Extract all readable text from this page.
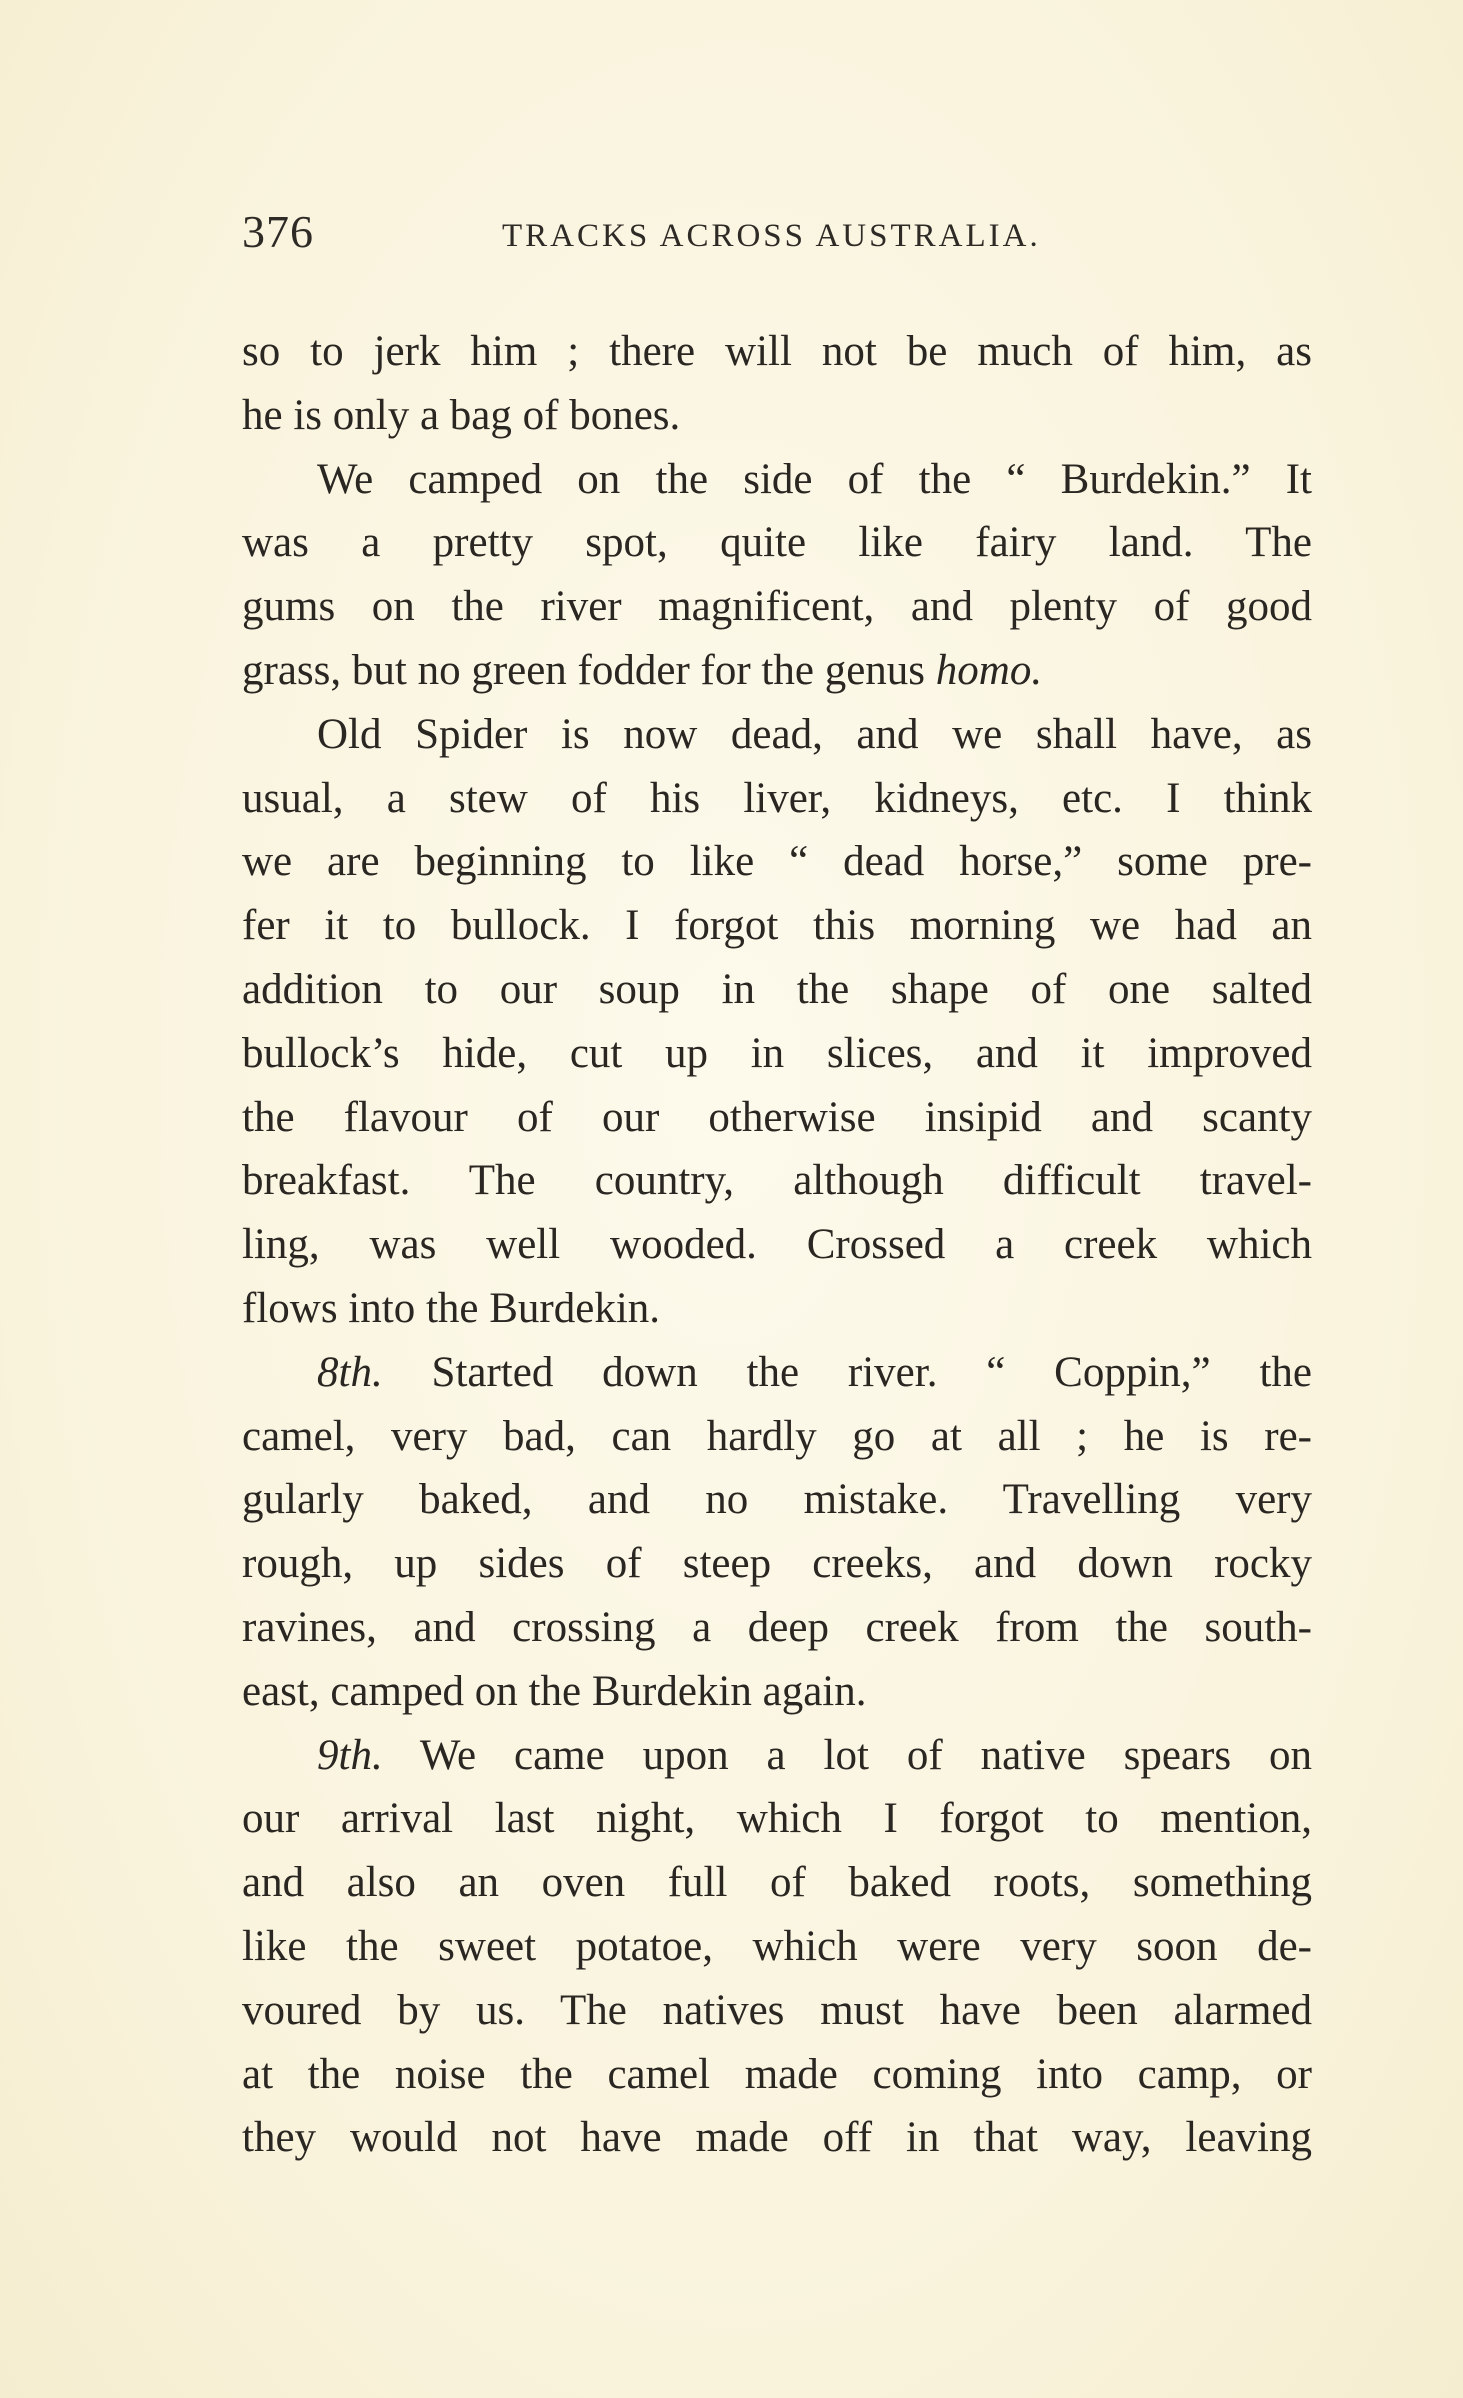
376	TRACKS ACROSS AUSTRALIA.
so to jerk him ; there will not be much of him, as
he is only a bag of bones.
We camped on the side of the “ Burdekin.” It
was a pretty spot, quite like fairy land. The
gums on the river magnificent, and plenty of good
grass, but no green fodder for the genus homo.
Old Spider is now dead, and we shall have, as
usual, a stew of his liver, kidneys, etc. I think
we are beginning to like “ dead horse,” some pre-
fer it to bullock. I forgot this morning we had an
addition to our soup in the shape of one salted
bullock’s hide, cut up in slices, and it improved
the flavour of our otherwise insipid and scanty
breakfast. The country, although difficult travel-
ling, was well wooded. Crossed a creek which
flows into the Burdekin.
8th. Started down the river. “ Coppin,” the
camel, very bad, can hardly go at all ; he is re-
gularly baked, and no mistake. Travelling very
rough, up sides of steep creeks, and down rocky
ravines, and crossing a deep creek from the south-
east, camped on the Burdekin again.
9th. We came upon a lot of native spears on
our arrival last night, which I forgot to mention,
and also an oven full of baked roots, something
like the sweet potatoe, which were very soon de-
voured by us. The natives must have been alarmed
at the noise the camel made coming into camp, or
they would not have made off in that way, leaving
